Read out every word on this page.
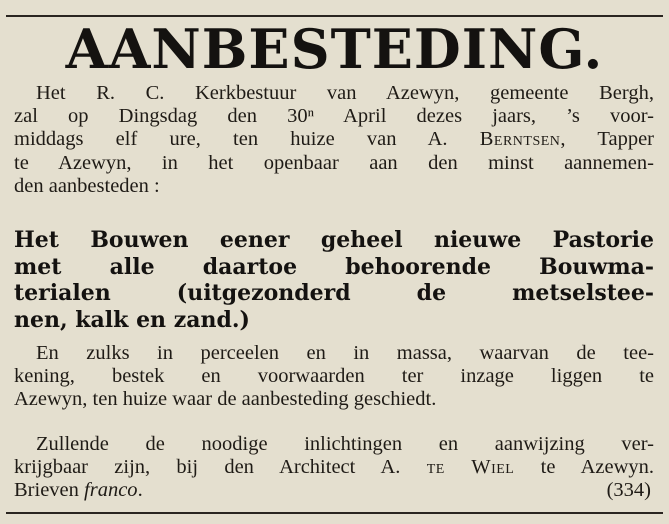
AANBESTEDING.
Het R. C. Kerkbestuur van Azewyn, gemeente Bergh,
zal op Dingsdag den 30ⁿ April dezes jaars, ’s voor-
middags elf ure, ten huize van A. Berntsen, Tapper
te Azewyn, in het openbaar aan den minst aannemen-
den aanbesteden :
Het Bouwen eener geheel nieuwe Pastorie
met alle daartoe behoorende Bouwma-
terialen (uitgezonderd de metselstee-
nen, kalk en zand.)
En zulks in perceelen en in massa, waarvan de tee-
kening, bestek en voorwaarden ter inzage liggen te
Azewyn, ten huize waar de aanbesteding geschiedt.
Zullende de noodige inlichtingen en aanwijzing ver-
krijgbaar zijn, bij den Architect A. te Wiel te Azewyn.
Brieven franco.	(334)
